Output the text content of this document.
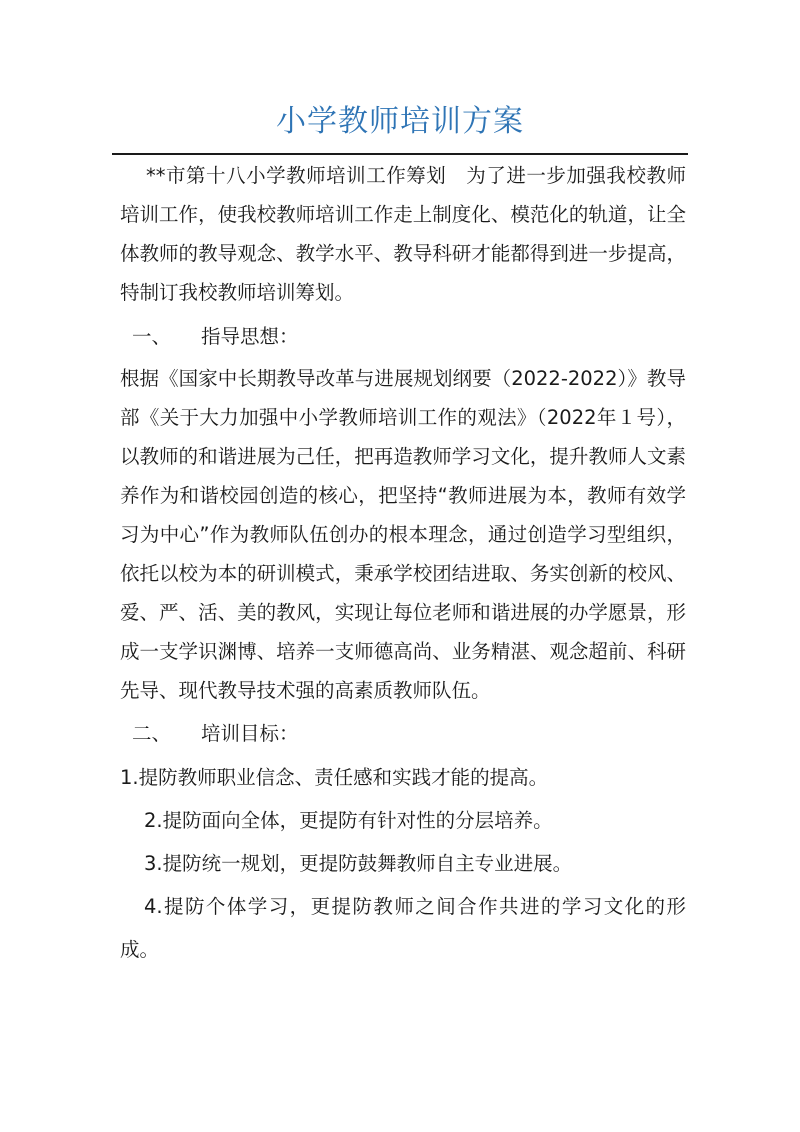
小学教师培训方案

**市第十八小学教师培训工作筹划　为了进一步加强我校教师培训工作，使我校教师培训工作走上制度化、模范化的轨道，让全体教师的教导观念、教学水平、教导科研才能都得到进一步提高，特制订我校教师培训筹划。

一、 指导思想：

根据《国家中长期教导改革与进展规划纲要（2022-2022）》教导部《关于大力加强中小学教师培训工作的观法》（2022年１号），以教师的和谐进展为己任，把再造教师学习文化，提升教师人文素养作为和谐校园创造的核心，把坚持“教师进展为本，教师有效学习为中心”作为教师队伍创办的根本理念，通过创造学习型组织，依托以校为本的研训模式，秉承学校团结进取、务实创新的校风、爱、严、活、美的教风，实现让每位老师和谐进展的办学愿景，形成一支学识渊博、培养一支师德高尚、业务精湛、观念超前、科研先导、现代教导技术强的高素质教师队伍。

二、 培训目标：

1.提防教师职业信念、责任感和实践才能的提高。

2.提防面向全体，更提防有针对性的分层培养。

3.提防统一规划，更提防鼓舞教师自主专业进展。

4.提防个体学习，更提防教师之间合作共进的学习文化的形成。
